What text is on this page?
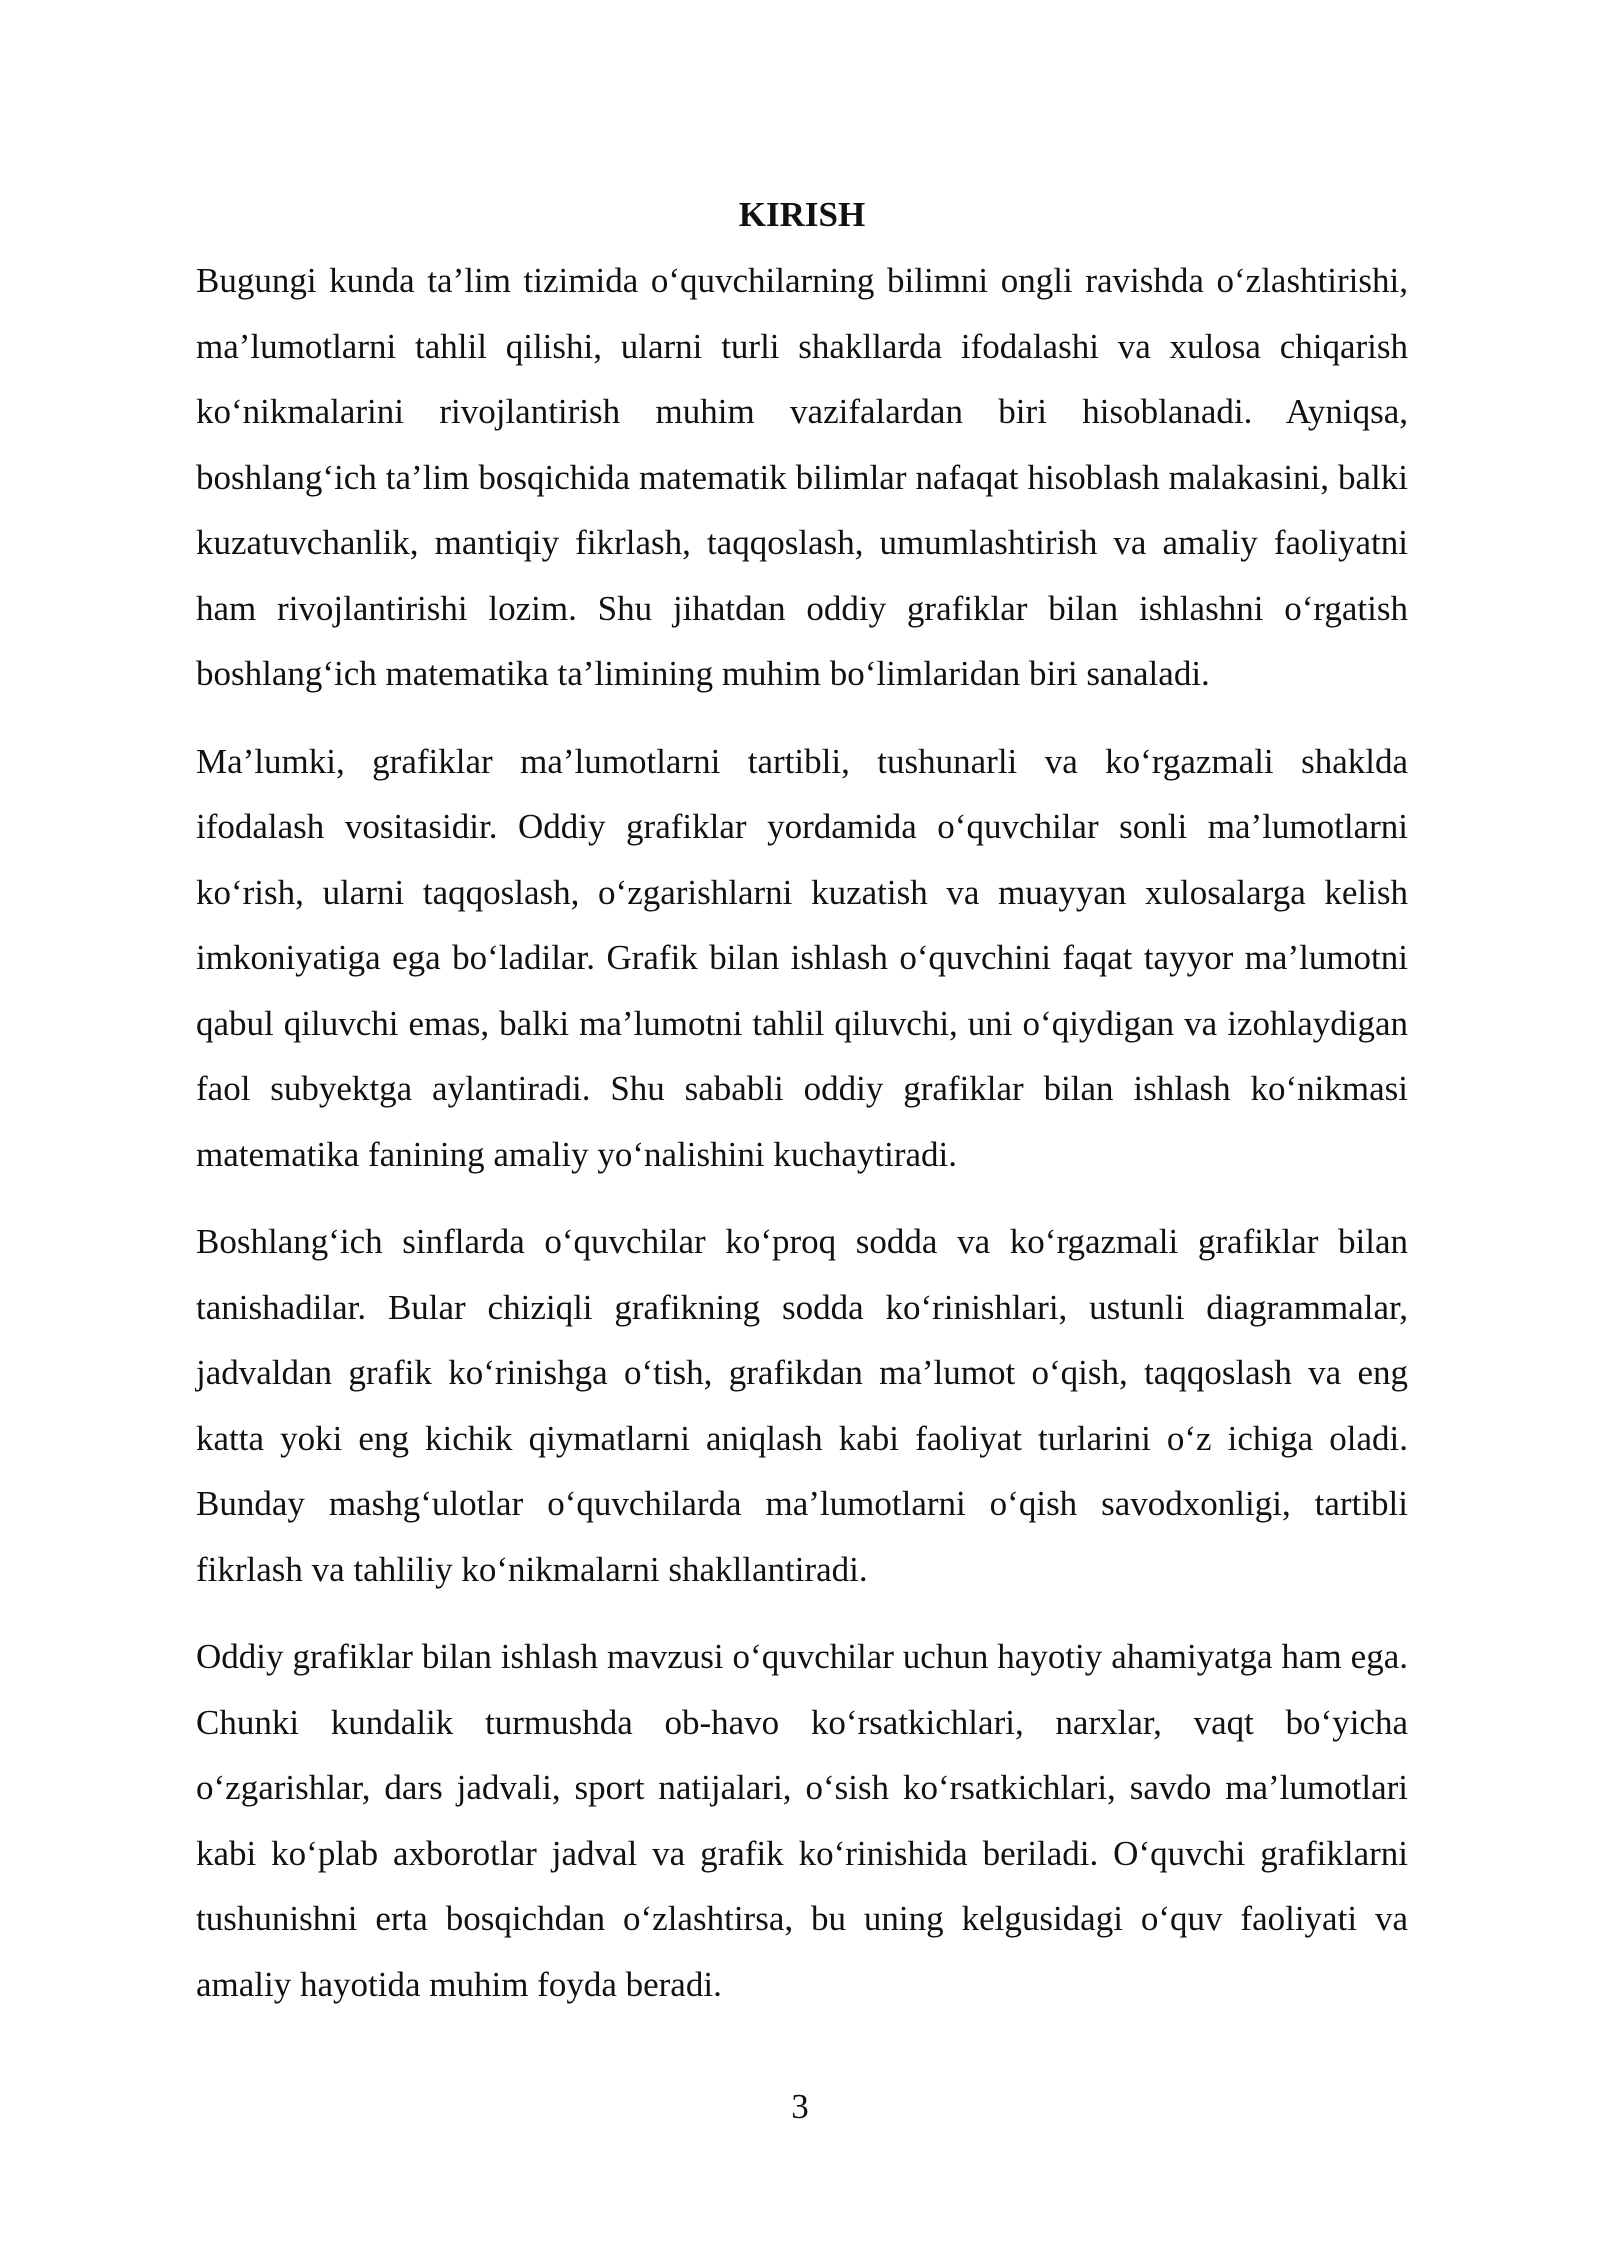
KIRISH

Bugungi kunda ta’lim tizimida o‘quvchilarning bilimni ongli ravishda o‘zlashtirishi, ma’lumotlarni tahlil qilishi, ularni turli shakllarda ifodalashi va xulosa chiqarish ko‘nikmalarini rivojlantirish muhim vazifalardan biri hisoblanadi. Ayniqsa, boshlang‘ich ta’lim bosqichida matematik bilimlar nafaqat hisoblash malakasini, balki kuzatuvchanlik, mantiqiy fikrlash, taqqoslash, umumlashtirish va amaliy faoliyatni ham rivojlantirishi lozim. Shu jihatdan oddiy grafiklar bilan ishlashni o‘rgatish boshlang‘ich matematika ta’limining muhim bo‘limlaridan biri sanaladi.

Ma’lumki, grafiklar ma’lumotlarni tartibli, tushunarli va ko‘rgazmali shaklda ifodalash vositasidir. Oddiy grafiklar yordamida o‘quvchilar sonli ma’lumotlarni ko‘rish, ularni taqqoslash, o‘zgarishlarni kuzatish va muayyan xulosalarga kelish imkoniyatiga ega bo‘ladilar. Grafik bilan ishlash o‘quvchini faqat tayyor ma’lumotni qabul qiluvchi emas, balki ma’lumotni tahlil qiluvchi, uni o‘qiydigan va izohlaydigan faol subyektga aylantiradi. Shu sababli oddiy grafiklar bilan ishlash ko‘nikmasi matematika fanining amaliy yo‘nalishini kuchaytiradi.

Boshlang‘ich sinflarda o‘quvchilar ko‘proq sodda va ko‘rgazmali grafiklar bilan tanishadilar. Bular chiziqli grafikning sodda ko‘rinishlari, ustunli diagrammalar, jadvaldan grafik ko‘rinishga o‘tish, grafikdan ma’lumot o‘qish, taqqoslash va eng katta yoki eng kichik qiymatlarni aniqlash kabi faoliyat turlarini o‘z ichiga oladi. Bunday mashg‘ulotlar o‘quvchilarda ma’lumotlarni o‘qish savodxonligi, tartibli fikrlash va tahliliy ko‘nikmalarni shakllantiradi.

Oddiy grafiklar bilan ishlash mavzusi o‘quvchilar uchun hayotiy ahamiyatga ham ega. Chunki kundalik turmushda ob-havo ko‘rsatkichlari, narxlar, vaqt bo‘yicha o‘zgarishlar, dars jadvali, sport natijalari, o‘sish ko‘rsatkichlari, savdo ma’lumotlari kabi ko‘plab axborotlar jadval va grafik ko‘rinishida beriladi. O‘quvchi grafiklarni tushunishni erta bosqichdan o‘zlashtirsa, bu uning kelgusidagi o‘quv faoliyati va amaliy hayotida muhim foyda beradi.

3
